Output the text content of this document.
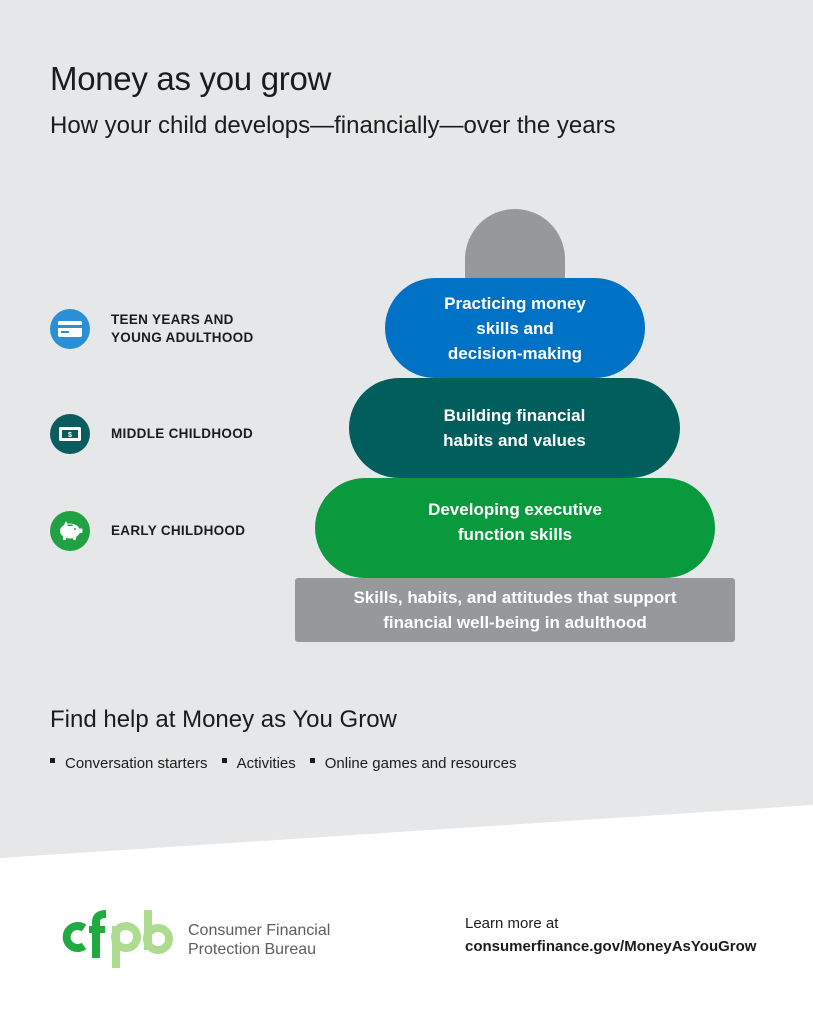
Money as you grow
How your child develops—financially—over the years
TEEN YEARS AND YOUNG ADULTHOOD
$	MIDDLE CHILDHOOD
EARLY CHILDHOOD
Practicing money
skills and
decision-making
Building financial
habits and values
Developing executive
function skills
Skills, habits, and attitudes that support
financial well-being in adulthood
Find help at Money as You Grow
Conversation starters Activities Online games and resources
Consumer Financial
Protection Bureau
Learn more at
consumerfinance.gov/MoneyAsYouGrow
